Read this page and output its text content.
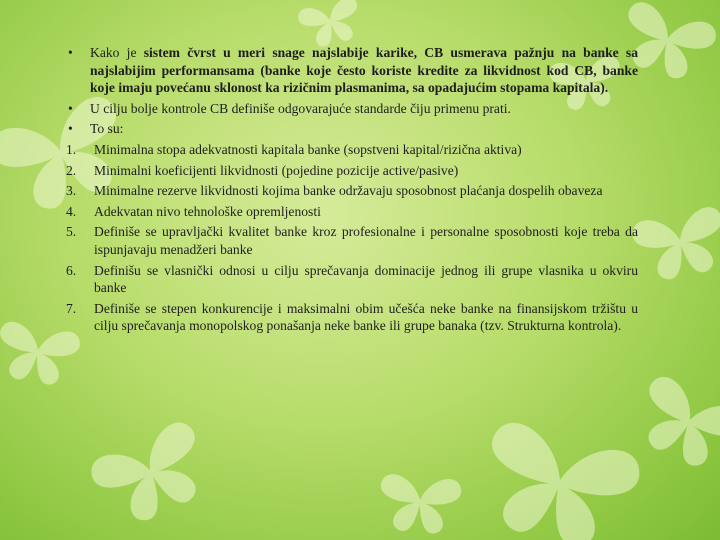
•	Kako je sistem čvrst u meri snage najslabije karike, CB usmerava pažnju na banke sa najslabijim performansama (banke koje često koriste kredite za likvidnost kod CB, banke koje imaju povećanu sklonost ka rizičnim plasmanima, sa opadajućim stopama kapitala).

•	U cilju bolje kontrole CB definiše odgovarajuće standarde čiju primenu prati.

•	To su:

1.	Minimalna stopa adekvatnosti kapitala banke (sopstveni kapital/rizična aktiva)

2.	Minimalni koeficijenti likvidnosti (pojedine pozicije active/pasive)

3.	Minimalne rezerve likvidnosti kojima banke održavaju sposobnost plaćanja dospelih obaveza

4.	Adekvatan nivo tehnološke opremljenosti

5.	Definiše se upravljački kvalitet banke kroz profesionalne i personalne sposobnosti koje treba da ispunjavaju menadžeri banke

6.	Definišu se vlasnički odnosi u cilju sprečavanja dominacije jednog ili grupe vlasnika u okviru banke

7.	Definiše se stepen konkurencije i maksimalni obim učešća neke banke na finansijskom tržištu u cilju sprečavanja monopolskog ponašanja neke banke ili grupe banaka (tzv. Strukturna kontrola).
